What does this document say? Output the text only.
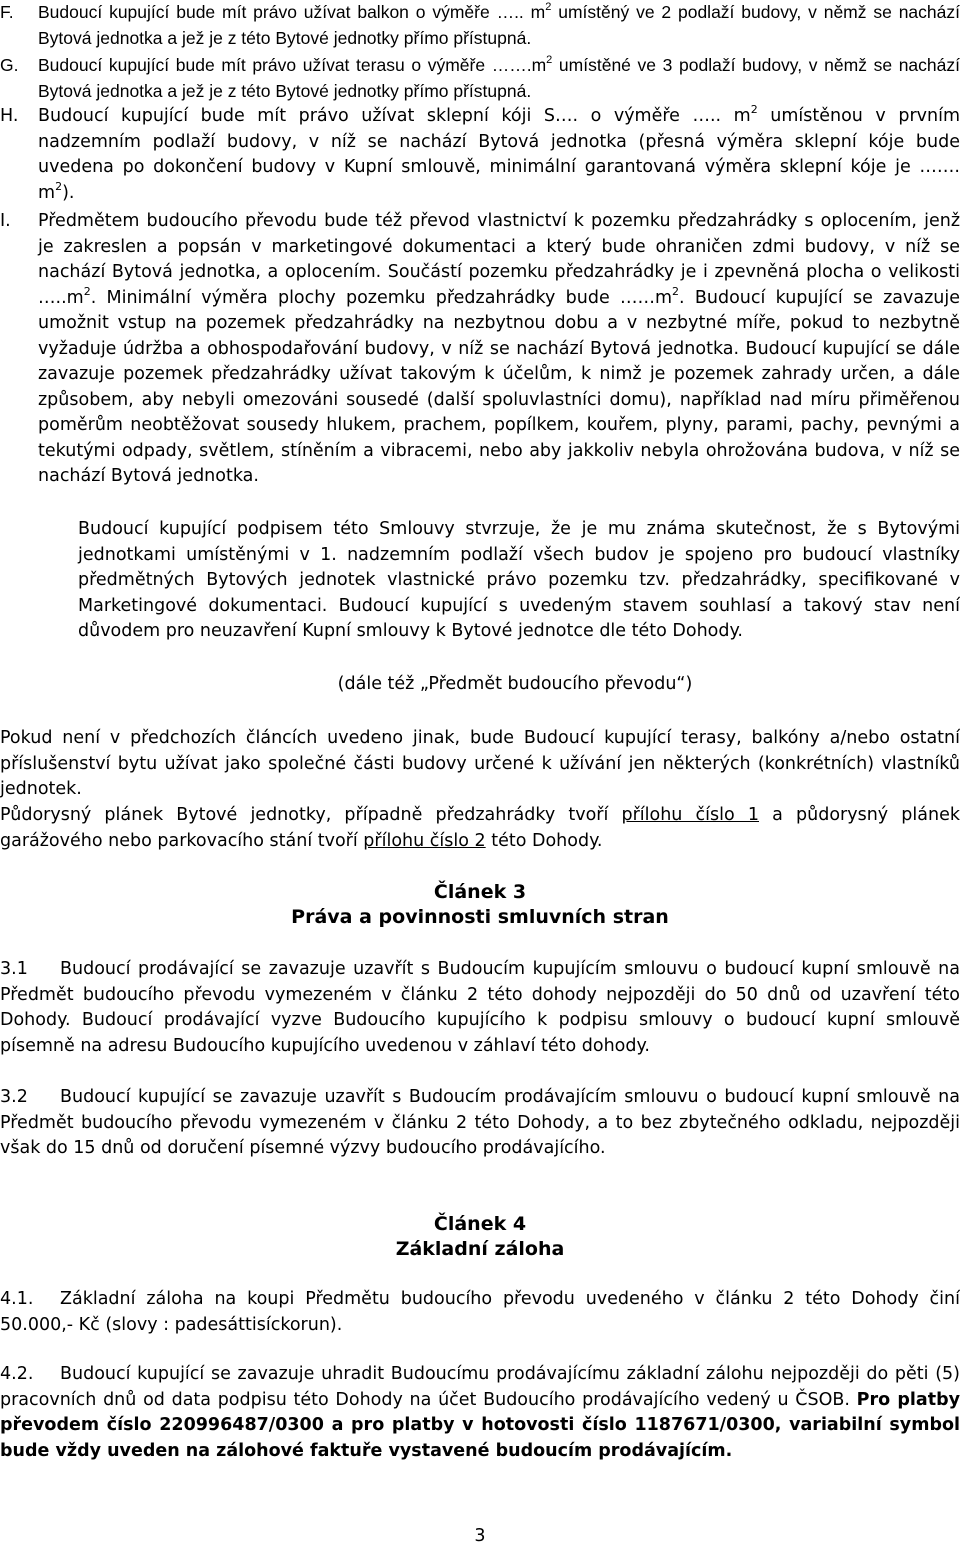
F. Budoucí kupující bude mít právo užívat balkon o výměře ….. $m^2$ umístěný ve 2 podlaží budovy, v němž se nachází Bytová jednotka a jež je z této Bytové jednotky přímo přístupná.
G. Budoucí kupující bude mít právo užívat terasu o výměře $\dots\dots.m^2$ umístěné ve 3 podlaží budovy, v němž se nachází Bytová jednotka a jež je z této Bytové jednotky přímo přístupná.
H. Budoucí kupující bude mít právo užívat sklepní kóji S…. o výměře ….. $m^2$ umístěnou v prvním nadzemním podlaží budovy, v níž se nachází Bytová jednotka (přesná výměra sklepní kóje bude uvedena po dokončení budovy v Kupní smlouvě, minimální garantovaná výměra sklepní kóje je ……. $m^2$).
I. Předmětem budoucího převodu bude též převod vlastnictví k pozemku předzahrádky s oplocením, jenž je zakreslen a popsán v marketingové dokumentaci a který bude ohraničen zdmi budovy, v níž se nachází Bytová jednotka, a oplocením. Součástí pozemku předzahrádky je i zpevněná plocha o velikosti $\dots..m^2$. Minimální výměra plochy pozemku předzahrádky bude $\dots\dots m^2$. Budoucí kupující se zavazuje umožnit vstup na pozemek předzahrádky na nezbytnou dobu a v nezbytné míře, pokud to nezbytně vyžaduje údržba a obhospodařování budovy, v níž se nachází Bytová jednotka. Budoucí kupující se dále zavazuje pozemek předzahrádky užívat takovým k účelům, k nimž je pozemek zahrady určen, a dále způsobem, aby nebyli omezováni sousedé (další spoluvlastníci domu), například nad míru přiměřenou poměrům neobtěžovat sousedy hlukem, prachem, popílkem, kouřem, plyny, parami, pachy, pevnými a tekutými odpady, světlem, stíněním a vibracemi, nebo aby jakkoliv nebyla ohrožována budova, v níž se nachází Bytová jednotka.
Budoucí kupující podpisem této Smlouvy stvrzuje, že je mu známa skutečnost, že s Bytovými jednotkami umístěnými v 1. nadzemním podlaží všech budov je spojeno pro budoucí vlastníky předmětných Bytových jednotek vlastnické právo pozemku tzv. předzahrádky, specifikované v Marketingové dokumentaci. Budoucí kupující s uvedeným stavem souhlasí a takový stav není důvodem pro neuzavření Kupní smlouvy k Bytové jednotce dle této Dohody.

(dále též „Předmět budoucího převodu“)

Pokud není v předchozích článcích uvedeno jinak, bude Budoucí kupující terasy, balkóny a/nebo ostatní příslušenství bytu užívat jako společné části budovy určené k užívání jen některých (konkrétních) vlastníků jednotek.

Půdorysný plánek Bytové jednotky, případně předzahrádky tvoří přílohu číslo 1 a půdorysný plánek garážového nebo parkovacího stání tvoří přílohu číslo 2 této Dohody.

Článek 3

Práva a povinnosti smluvních stran

3.1 Budoucí prodávající se zavazuje uzavřít s Budoucím kupujícím smlouvu o budoucí kupní smlouvě na Předmět budoucího převodu vymezeném v článku 2 této dohody nejpozději do 50 dnů od uzavření této Dohody. Budoucí prodávající vyzve Budoucího kupujícího k podpisu smlouvy o budoucí kupní smlouvě písemně na adresu Budoucího kupujícího uvedenou v záhlaví této dohody.
3.2 Budoucí kupující se zavazuje uzavřít s Budoucím prodávajícím smlouvu o budoucí kupní smlouvě na Předmět budoucího převodu vymezeném v článku 2 této Dohody, a to bez zbytečného odkladu, nejpozději však do 15 dnů od doručení písemné výzvy budoucího prodávajícího.

Článek 4

Základní záloha

4.1. Základní záloha na koupi Předmětu budoucího převodu uvedeného v článku 2 této Dohody činí 50.000,- Kč (slovy : padesáttisíckorun).
4.2. Budoucí kupující se zavazuje uhradit Budoucímu prodávajícímu základní zálohu nejpozději do pěti (5) pracovních dnů od data podpisu této Dohody na účet Budoucího prodávajícího vedený u ČSOB. Pro platby převodem číslo 220996487/0300 a pro platby v hotovosti číslo 1187671/0300, variabilní symbol bude vždy uveden na zálohové faktuře vystavené budoucím prodávajícím.

3
